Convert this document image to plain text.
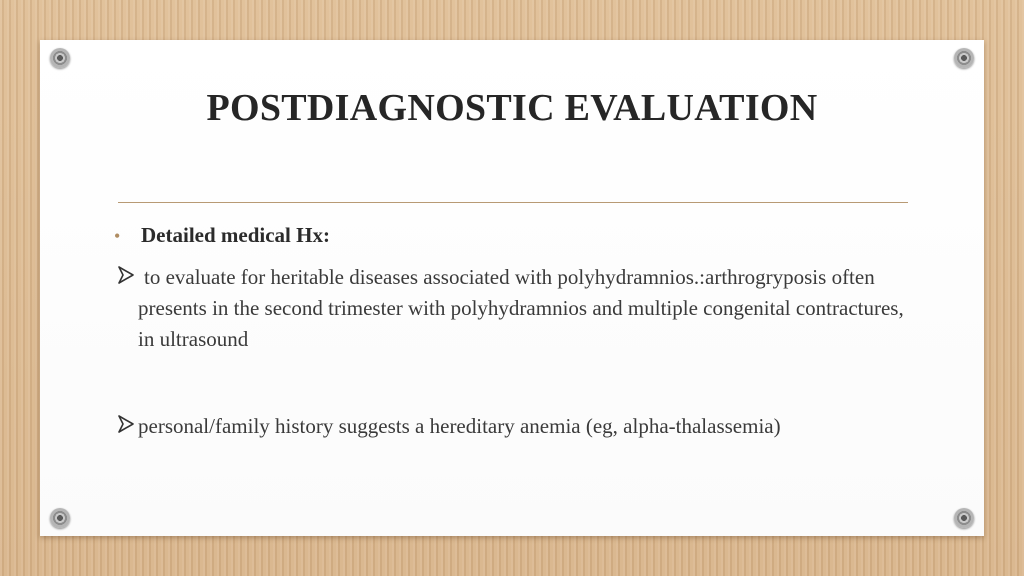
POSTDIAGNOSTIC EVALUATION
• Detailed medical Hx:
to evaluate for heritable diseases associated with polyhydramnios.:arthrogryposis often presents in the second trimester with polyhydramnios and multiple congenital contractures, in ultrasound
personal/family history suggests a hereditary anemia (eg, alpha-thalassemia)
